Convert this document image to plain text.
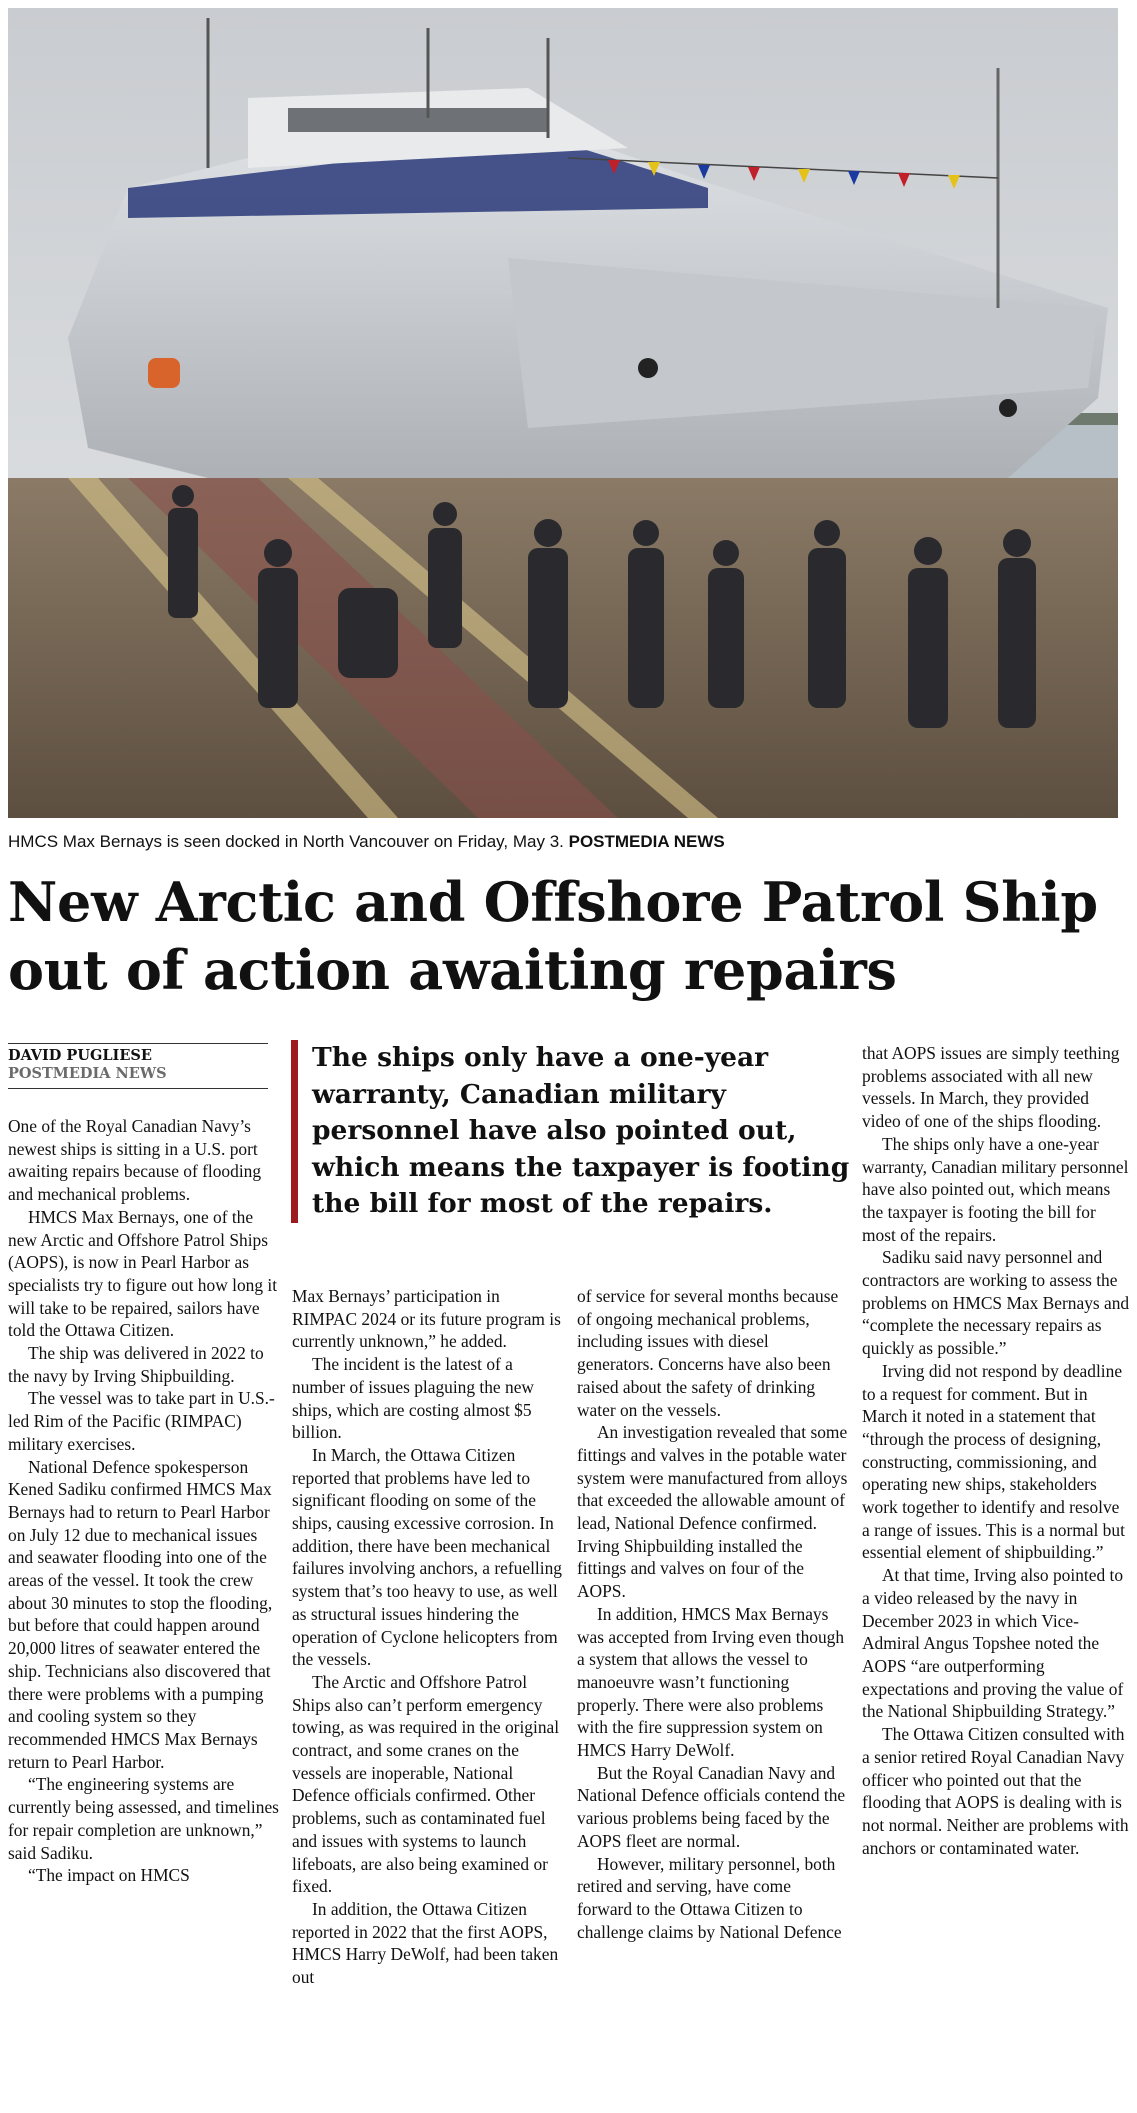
HMCS Max Bernays is seen docked in North Vancouver on Friday, May 3. POSTMEDIA NEWS
New Arctic and Offshore Patrol Ship
out of action awaiting repairs
DAVID PUGLIESE
POSTMEDIA NEWS
The ships only have a one-year warranty, Canadian military personnel have also pointed out, which means the taxpayer is footing the bill for most of the repairs.

One of the Royal Canadian Navy’s newest ships is sitting in a U.S. port awaiting repairs because of flooding and mechanical problems.

HMCS Max Bernays, one of the new Arctic and Offshore Patrol Ships (AOPS), is now in Pearl Harbor as specialists try to figure out how long it will take to be repaired, sailors have told the Ottawa Citizen.

The ship was delivered in 2022 to the navy by Irving Shipbuilding.

The vessel was to take part in U.S.-led Rim of the Pacific (RIMPAC) military exercises.

National Defence spokesperson Kened Sadiku confirmed HMCS Max Bernays had to return to Pearl Harbor on July 12 due to mechanical issues and seawater flooding into one of the areas of the vessel. It took the crew about 30 minutes to stop the flooding, but before that could happen around 20,000 litres of seawater entered the ship. Technicians also discovered that there were problems with a pumping and cooling system so they recommended HMCS Max Bernays return to Pearl Harbor.

“The engineering systems are currently being assessed, and timelines for repair completion are unknown,” said Sadiku.

“The impact on HMCS

Max Bernays’ participation in RIMPAC 2024 or its future program is currently unknown,” he added.

The incident is the latest of a number of issues plaguing the new ships, which are costing almost $5 billion.

In March, the Ottawa Citizen reported that problems have led to significant flooding on some of the ships, causing excessive corrosion. In addition, there have been mechanical failures involving anchors, a refuelling system that’s too heavy to use, as well as structural issues hindering the operation of Cyclone helicopters from the vessels.

The Arctic and Offshore Patrol Ships also can’t perform emergency towing, as was required in the original contract, and some cranes on the vessels are inoperable, National Defence officials confirmed. Other problems, such as contaminated fuel and issues with systems to launch lifeboats, are also being examined or fixed.

In addition, the Ottawa Citizen reported in 2022 that the first AOPS, HMCS Harry DeWolf, had been taken out

of service for several months because of ongoing mechanical problems, including issues with diesel generators. Concerns have also been raised about the safety of drinking water on the vessels.

An investigation revealed that some fittings and valves in the potable water system were manufactured from alloys that exceeded the allowable amount of lead, National Defence confirmed. Irving Shipbuilding installed the fittings and valves on four of the AOPS.

In addition, HMCS Max Bernays was accepted from Irving even though a system that allows the vessel to manoeuvre wasn’t functioning properly. There were also problems with the fire suppression system on HMCS Harry DeWolf.

But the Royal Canadian Navy and National Defence officials contend the various problems being faced by the AOPS fleet are normal.

However, military personnel, both retired and serving, have come forward to the Ottawa Citizen to challenge claims by National Defence

that AOPS issues are simply teething problems associated with all new vessels. In March, they provided video of one of the ships flooding.

The ships only have a one-year warranty, Canadian military personnel have also pointed out, which means the taxpayer is footing the bill for most of the repairs.

Sadiku said navy personnel and contractors are working to assess the problems on HMCS Max Bernays and “complete the necessary repairs as quickly as possible.”

Irving did not respond by deadline to a request for comment. But in March it noted in a statement that “through the process of designing, constructing, commissioning, and operating new ships, stakeholders work together to identify and resolve a range of issues. This is a normal but essential element of shipbuilding.”

At that time, Irving also pointed to a video released by the navy in December 2023 in which Vice-Admiral Angus Topshee noted the AOPS “are outperforming expectations and proving the value of the National Shipbuilding Strategy.”

The Ottawa Citizen consulted with a senior retired Royal Canadian Navy officer who pointed out that the flooding that AOPS is dealing with is not normal. Neither are problems with anchors or contaminated water.
